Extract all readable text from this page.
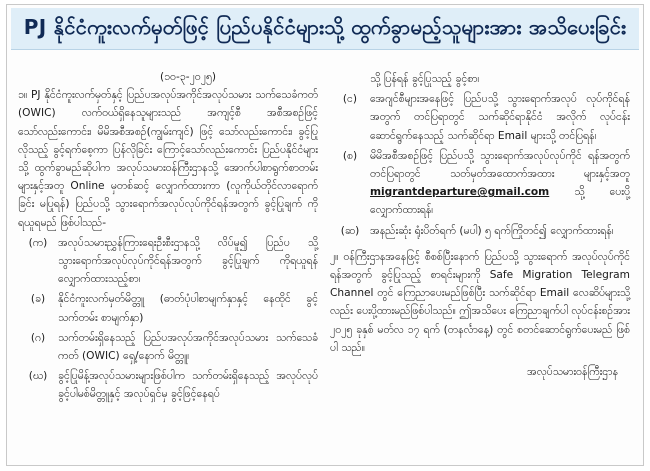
PJ နိုင်ငံကူးလက်မှတ်ဖြင့် ပြည်ပနိုင်ငံများသို့ ထွက်ခွာမည့်သူများအား အသိပေးခြင်း
(၁၀-၃-၂၀၂၅)
၁။ PJ နိုင်ငံကူးလက်မှတ်နှင့် ပြည်ပအလုပ်အကိုင်အလုပ်သမား သက်သေခံကတ် (OWIC) လက်ဝယ်ရှိနေသူများသည် အကျင့်စီ အစီအစဉ်ဖြင့်သော်လည်းကောင်း၊ မိမိအစီအစဉ်(ကျွမ်းကျင်) ဖြင့် သော်လည်းကောင်း၊ ခွင့်ပြုလိုသည့် ခွင့်ရက်စေ့ကာ ပြန်လိုခြင်း ကြောင့်သော်လည်းကောင်း ပြည်ပနိုင်ငံများသို့ ထွက်ခွာမည်ဆိုပါက အလုပ်သမားဝန်ကြီးဌာနသို့ အောက်ပါစာရွက်စာတမ်းများနှင့်အတူ Online မှတစ်ဆင့် လျှောက်ထားကာ (လူကိုယ်တိုင်လာရောက်ခြင်း မပြုရန်) ပြည်ပသို့ သွားရောက်အလုပ်လုပ်ကိုင်ရန်အတွက် ခွင့်ပြုချက် ကို ရယူရမည် ဖြစ်ပါသည်-
(က)	အလုပ်သမားညွှန်ကြားရေးဦးစီးဌာနသို့ လိပ်မူ၍ ပြည်ပ သို့ သွားရောက်အလုပ်လုပ်ကိုင်ရန်အတွက် ခွင့်ပြုချက် ကိုရယူရန် လျှောက်ထားသည့်စာ၊
(ခ)	နိုင်ငံကူးလက်မှတ်မိတ္တူ (ဓာတ်ပုံပါစာမျက်နှာနှင့် နေထိုင် ခွင့်သက်တမ်း စာမျက်နှာ)
(ဂ)	သက်တမ်းရှိနေသည့် ပြည်ပအလုပ်အကိုင်အလုပ်သမား သက်သေခံကတ် (OWIC) ရှေ့/နောက် မိတ္တူ၊
(ဃ)	ခွင့်ပြုမိန့်အလုပ်သမားများဖြစ်ပါက သက်တမ်းရှိနေသည့် အလုပ်လုပ်ခွင့်ပါမစ်မိတ္တူနှင့် အလုပ်ရှင်မှ ခွင့်ဖြင့်နေရပ်
သို့ ပြန်ရန် ခွင့်ပြုသည့် ခွင့်စာ၊
(င)	အေဂျင်စီများအနေဖြင့် ပြည်ပသို့ သွားရောက်အလုပ် လုပ်ကိုင်ရန်အတွက် တင်ပြရာတွင် သက်ဆိုင်ရာနိုင်ငံ အလိုက် လုပ်ငန်းဆောင်ရွက်နေသည့် သက်ဆိုင်ရာ Email များသို့ တင်ပြရန်၊
(စ)	မိမိအစီအစဉ်ဖြင့် ပြည်ပသို့ သွားရောက်အလုပ်လုပ်ကိုင် ရန်အတွက် တင်ပြရာတွင် သတ်မှတ်အထောက်အထား များနှင့်အတူ migrantdeparture@gmail.com သို့ ပေးပို့လျှောက်ထားရန်၊
(ဆ)	အနည်းဆုံး ရုံးပိတ်ရက် (မပါ) ၅ ရက်ကြိုတင်၍ လျှောက်ထားရန်၊
၂။ ဝန်ကြီးဌာနအနေဖြင့် စီစစ်ပြီးနောက် ပြည်ပသို့ သွားရောက် အလုပ်လုပ်ကိုင်ရန်အတွက် ခွင့်ပြုသည့် စာရင်းများကို Safe Migration Telegram Channel တွင် ကြေညာပေးမည်ဖြစ်ပြီး သက်ဆိုင်ရာ Email လေဆိပ်များသို့လည်း ပေးပို့ထားမည်ဖြစ်ပါသည်။ ဤအသိပေး ကြေညာချက်ပါ လုပ်ငန်းစဉ်အား ၂၀၂၅ ခုနှစ် မတ်လ ၁၇ ရက် (တနင်္လာနေ့) တွင် စတင်ဆောင်ရွက်ပေးမည် ဖြစ်ပါ သည်။
အလုပ်သမားဝန်ကြီးဌာန
